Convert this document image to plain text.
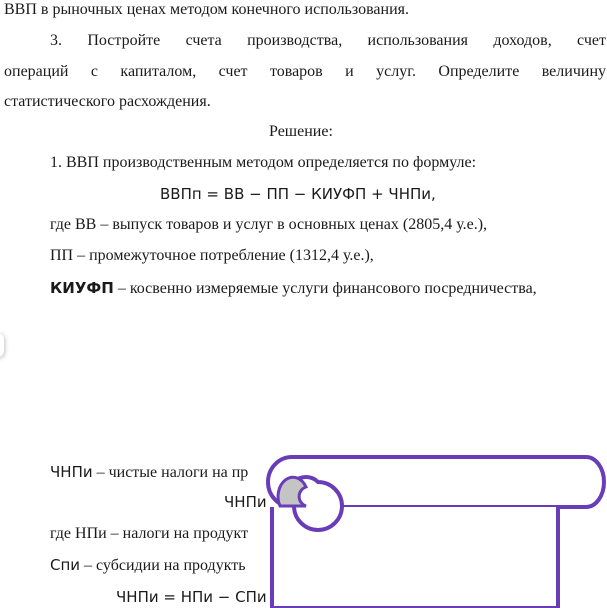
ВВП в рыночных ценах методом конечного использования.
3. Постройте счета производства, использования доходов, счет
операций с капиталом, счет товаров и услуг. Определите величину
статистического расхождения.
Решение:
1. ВВП производственным методом определяется по формуле:
ВВПп = ВВ − ПП − КИУФП + ЧНПи,
где ВВ – выпуск товаров и услуг в основных ценах (2805,4 у.е.),
ПП – промежуточное потребление (1312,4 у.е.),
КИУФП – косвенно измеряемые услуги финансового посредничества,
ЧНПи – чистые налоги на пр
ЧНПи
где НПи – налоги на продукт
Спи – субсидии на продукть
ЧНПи = НПи − СПи
